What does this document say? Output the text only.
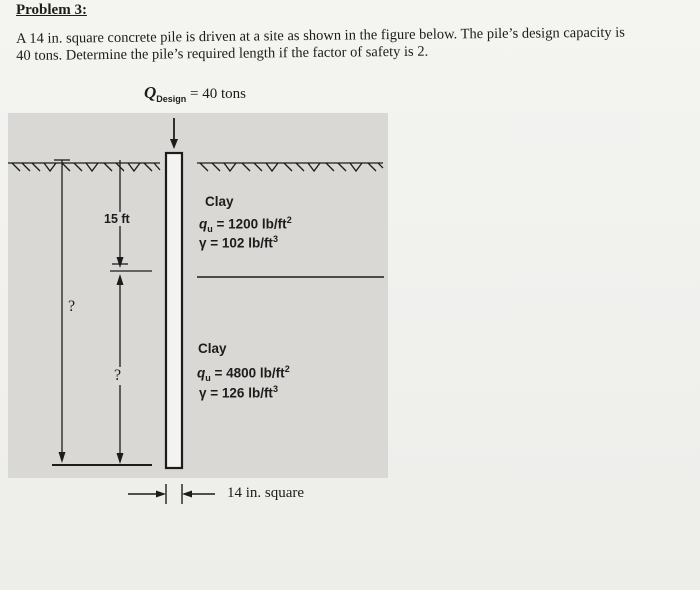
Problem 3:
A 14 in. square concrete pile is driven at a site as shown in the figure below. The pile’s design capacity is
40 tons. Determine the pile’s required length if the factor of safety is 2.
$Q_{Design} = 40$ tons
Clay
$q_u = 1200$ $lb/ft^2$
γ = 102 $lb/ft^3$
Clay
$q_u = 4800$ $lb/ft^2$
γ = 126 $lb/ft^3$
15 ft
?
?
14 in. square
